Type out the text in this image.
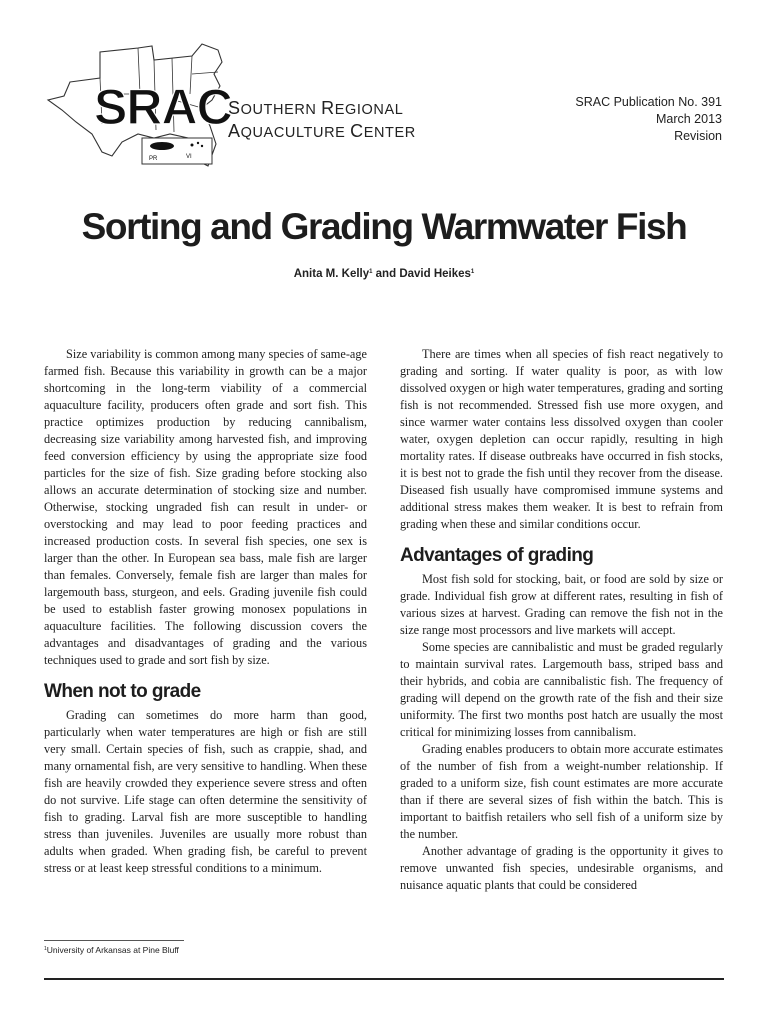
PR	VI
SRAC
SOUTHERN REGIONAL
AQUACULTURE CENTER
SRAC Publication No. 391
March 2013
Revision
Sorting and Grading Warmwater Fish
Anita M. Kelly$^1$ and David Heikes$^1$

Size variability is common among many species of same-age farmed fish. Because this variability in growth can be a major shortcoming in the long-term viability of a commercial aquaculture facility, producers often grade and sort fish. This practice optimizes production by reducing cannibalism, decreasing size variability among harvested fish, and improving feed conversion efficiency by using the appropriate size food particles for the size of fish. Size grading before stocking also allows an accurate determination of stocking size and number. Otherwise, stocking ungraded fish can result in under- or overstocking and may lead to poor feeding practices and increased production costs. In several fish species, one sex is larger than the other. In European sea bass, male fish are larger than females. Conversely, female fish are larger than males for largemouth bass, sturgeon, and eels. Grading juvenile fish could be used to establish faster growing monosex populations in aquaculture facilities. The following discussion covers the advantages and disadvantages of grading and the various techniques used to grade and sort fish by size.

When not to grade

Grading can sometimes do more harm than good, particularly when water temperatures are high or fish are still very small. Certain species of fish, such as crappie, shad, and many ornamental fish, are very sensitive to handling. When these fish are heavily crowded they experience severe stress and often do not survive. Life stage can often determine the sensitivity of fish to grading. Larval fish are more susceptible to handling stress than juveniles. Juveniles are usually more robust than adults when graded. When grading fish, be careful to prevent stress or at least keep stressful conditions to a minimum.

There are times when all species of fish react negatively to grading and sorting. If water quality is poor, as with low dissolved oxygen or high water temperatures, grading and sorting fish is not recommended. Stressed fish use more oxygen, and since warmer water contains less dissolved oxygen than cooler water, oxygen depletion can occur rapidly, resulting in high mortality rates. If disease outbreaks have occurred in fish stocks, it is best not to grade the fish until they recover from the disease. Diseased fish usually have compromised immune systems and additional stress makes them weaker. It is best to refrain from grading when these and similar conditions occur.

Advantages of grading

Most fish sold for stocking, bait, or food are sold by size or grade. Individual fish grow at different rates, resulting in fish of various sizes at harvest. Grading can remove the fish not in the size range most processors and live markets will accept.

Some species are cannibalistic and must be graded regularly to maintain survival rates. Largemouth bass, striped bass and their hybrids, and cobia are cannibalistic fish. The frequency of grading will depend on the growth rate of the fish and their size uniformity. The first two months post hatch are usually the most critical for minimizing losses from cannibalism.

Grading enables producers to obtain more accurate estimates of the number of fish from a weight-number relationship. If graded to a uniform size, fish count estimates are more accurate than if there are several sizes of fish within the batch. This is important to baitfish retailers who sell fish of a uniform size by the number.

Another advantage of grading is the opportunity it gives to remove unwanted fish species, undesirable organisms, and nuisance aquatic plants that could be considered

$^1$University of Arkansas at Pine Bluff
